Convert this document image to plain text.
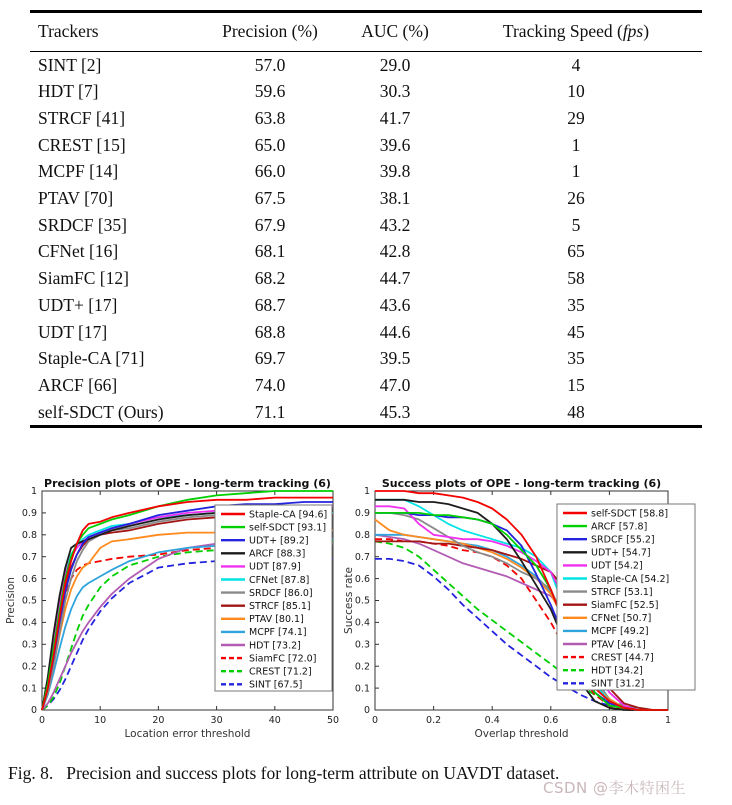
Trackers	Precision (%)	AUC (%)	Tracking Speed (fps)
SINT [2]	57.0	29.0	4
HDT [7]	59.6	30.3	10
STRCF [41]	63.8	41.7	29
CREST [15]	65.0	39.6	1
MCPF [14]	66.0	39.8	1
PTAV [70]	67.5	38.1	26
SRDCF [35]	67.9	43.2	5
CFNet [16]	68.1	42.8	65
SiamFC [12]	68.2	44.7	58
UDT+ [17]	68.7	43.6	35
UDT [17]	68.8	44.6	45
Staple-CA [71]	69.7	39.5	35
ARCF [66]	74.0	47.0	15
self-SDCT (Ours)	71.1	45.3	48
Precision plots of OPE - long-term tracking (6)
0	10	20	30	40	50
0
0.1
0.2
0.3
0.4
0.5
0.6
0.7
0.8
0.9
1
Location error threshold
Precision
Staple-CA [94.6]
self-SDCT [93.1]
UDT+ [89.2]
ARCF [88.3]
UDT [87.9]
CFNet [87.8]
SRDCF [86.0]
STRCF [85.1]
PTAV [80.1]
MCPF [74.1]
HDT [73.2]
SiamFC [72.0]
CREST [71.2]
SINT [67.5]
Success plots of OPE - long-term tracking (6)
0	0.2	0.4	0.6	0.8	1
0
0.1
0.2
0.3
0.4
0.5
0.6
0.7
0.8
0.9
1
Overlap threshold
Success rate
self-SDCT [58.8]
ARCF [57.8]
SRDCF [55.2]
UDT+ [54.7]
UDT [54.2]
Staple-CA [54.2]
STRCF [53.1]
SiamFC [52.5]
CFNet [50.7]
MCPF [49.2]
PTAV [46.1]
CREST [44.7]
HDT [34.2]
SINT [31.2]
Fig. 8. Precision and success plots for long-term attribute on UAVDT dataset.
CSDN @李木特困生
